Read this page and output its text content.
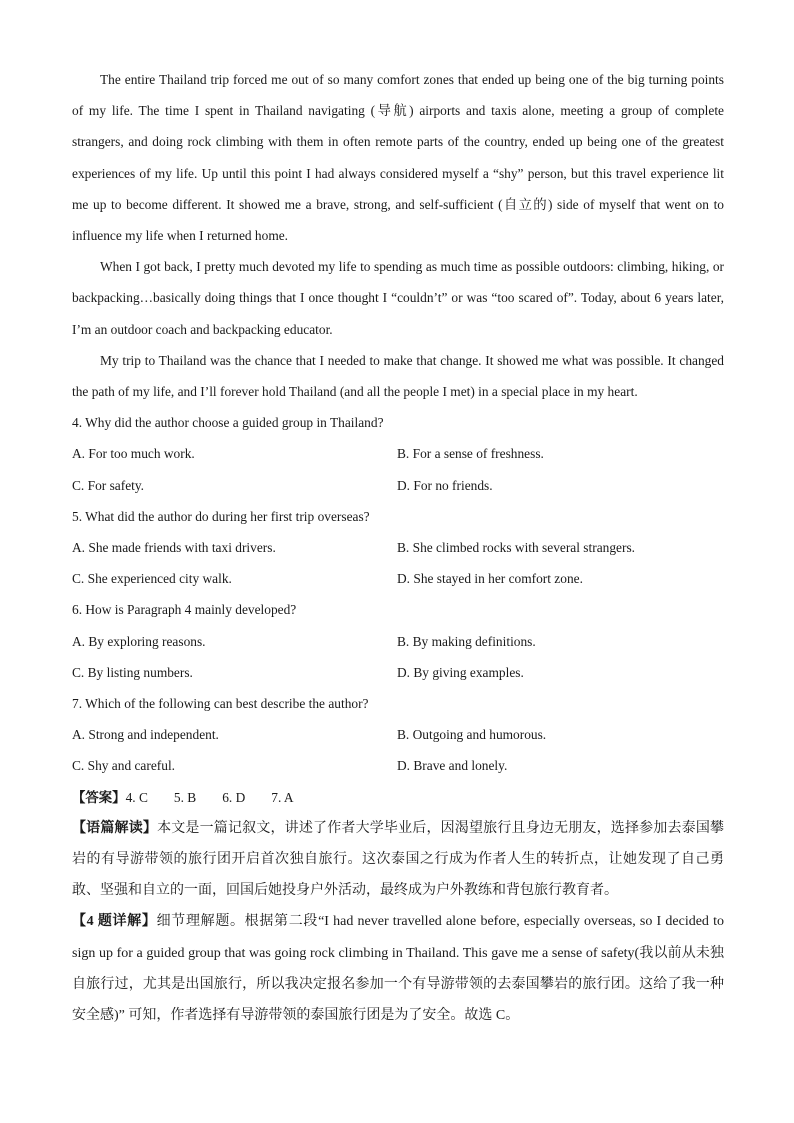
The entire Thailand trip forced me out of so many comfort zones that ended up being one of the big turning points of my life. The time I spent in Thailand navigating (导航) airports and taxis alone, meeting a group of complete strangers, and doing rock climbing with them in often remote parts of the country, ended up being one of the greatest experiences of my life. Up until this point I had always considered myself a “shy” person, but this travel experience lit me up to become different. It showed me a brave, strong, and self-sufficient (自立的) side of myself that went on to influence my life when I returned home.

When I got back, I pretty much devoted my life to spending as much time as possible outdoors: climbing, hiking, or backpacking…basically doing things that I once thought I “couldn’t” or was “too scared of”. Today, about 6 years later, I’m an outdoor coach and backpacking educator.

My trip to Thailand was the chance that I needed to make that change. It showed me what was possible. It changed the path of my life, and I’ll forever hold Thailand (and all the people I met) in a special place in my heart.

4. Why did the author choose a guided group in Thailand?

A. For too much work.	B. For a sense of freshness.
C. For safety.	D. For no friends.

5. What did the author do during her first trip overseas?

A. She made friends with taxi drivers.	B. She climbed rocks with several strangers.
C. She experienced city walk.	D. She stayed in her comfort zone.

6. How is Paragraph 4 mainly developed?

A. By exploring reasons.	B. By making definitions.
C. By listing numbers.	D. By giving examples.

7. Which of the following can best describe the author?

A. Strong and independent.	B. Outgoing and humorous.
C. Shy and careful.	D. Brave and lonely.

【答案】4. C 5. B 6. D 7. A

【语篇解读】本文是一篇记叙文，讲述了作者大学毕业后，因渴望旅行且身边无朋友，选择参加去泰国攀岩的有导游带领的旅行团开启首次独自旅行。这次泰国之行成为作者人生的转折点，让她发现了自己勇敢、坚强和自立的一面，回国后她投身户外活动，最终成为户外教练和背包旅行教育者。

【4 题详解】细节理解题。根据第二段“I had never travelled alone before, especially overseas, so I decided to sign up for a guided group that was going rock climbing in Thailand. This gave me a sense of safety(我以前从未独自旅行过，尤其是出国旅行，所以我决定报名参加一个有导游带领的去泰国攀岩的旅行团。这给了我一种安全感)” 可知，作者选择有导游带领的泰国旅行团是为了安全。故选 C。
